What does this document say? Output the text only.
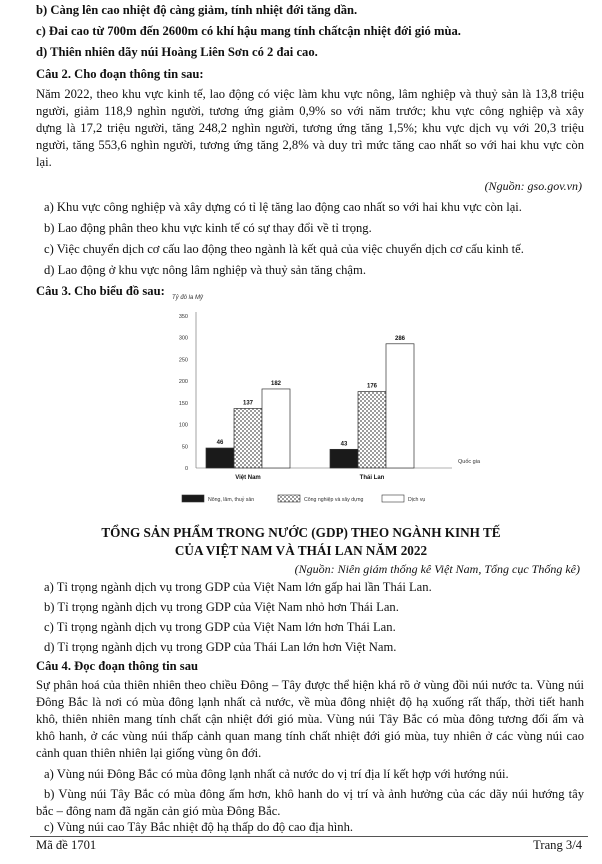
b) Càng lên cao nhiệt độ càng giảm, tính nhiệt đới tăng dần.
c) Đai cao từ 700m đến 2600m có khí hậu mang tính chấtcận nhiệt đới gió mùa.
d) Thiên nhiên dãy núi Hoàng Liên Sơn có 2 đai cao.
Câu 2. Cho đoạn thông tin sau:
Năm 2022, theo khu vực kinh tế, lao động có việc làm khu vực nông, lâm nghiệp và thuỷ sản là 13,8 triệu
người, giảm 118,9 nghìn người, tương ứng giảm 0,9% so với năm trước; khu vực công nghiệp và xây
dựng là 17,2 triệu người, tăng 248,2 nghìn người, tương ứng tăng 1,5%; khu vực dịch vụ với 20,3 triệu
người, tăng 553,6 nghìn người, tương ứng tăng 2,8% và duy trì mức tăng cao nhất so với hai khu vực còn
lại.
(Nguồn: gso.gov.vn)
a) Khu vực công nghiệp và xây dựng có tỉ lệ tăng lao động cao nhất so với hai khu vực còn lại.
b) Lao động phân theo khu vực kinh tế có sự thay đổi về tỉ trọng.
c) Việc chuyển dịch cơ cấu lao động theo ngành là kết quả của việc chuyển dịch cơ cấu kinh tế.
d) Lao động ở khu vực nông lâm nghiệp và thuỷ sản tăng chậm.
Câu 3. Cho biểu đồ sau:	Tỷ đô la Mỹ
0
50
100
150
200
250
300
350
46
137
182
43
176
286
Việt Nam	Thái Lan
Quốc gia
Nông, lâm, thuỷ sản	Công nghiệp và xây dựng	Dịch vụ
TỔNG SẢN PHẨM TRONG NƯỚC (GDP) THEO NGÀNH KINH TẾ
CỦA VIỆT NAM VÀ THÁI LAN NĂM 2022
(Nguồn: Niên giám thống kê Việt Nam, Tổng cục Thống kê)
a) Tỉ trọng ngành dịch vụ trong GDP của Việt Nam lớn gấp hai lần Thái Lan.
b) Tỉ trọng ngành dịch vụ trong GDP của Việt Nam nhỏ hơn Thái Lan.
c) Tỉ trọng ngành dịch vụ trong GDP của Việt Nam lớn hơn Thái Lan.
d) Tỉ trọng ngành dịch vụ trong GDP của Thái Lan lớn hơn Việt Nam.
Câu 4. Đọc đoạn thông tin sau
Sự phân hoá của thiên nhiên theo chiều Đông – Tây được thể hiện khá rõ ở vùng đồi núi nước ta. Vùng núi
Đông Bắc là nơi có mùa đông lạnh nhất cả nước, về mùa đông nhiệt độ hạ xuống rất thấp, thời tiết hanh
khô, thiên nhiên mang tính chất cận nhiệt đới gió mùa. Vùng núi Tây Bắc có mùa đông tương đối ấm và
khô hanh, ở các vùng núi thấp cảnh quan mang tính chất nhiệt đới gió mùa, tuy nhiên ở các vùng núi cao
cảnh quan thiên nhiên lại giống vùng ôn đới.
a) Vùng núi Đông Bắc có mùa đông lạnh nhất cả nước do vị trí địa lí kết hợp với hướng núi.
b) Vùng núi Tây Bắc có mùa đông ấm hơn, khô hanh do vị trí và ảnh hưởng của các dãy núi hướng tây
bắc – đông nam đã ngăn cản gió mùa Đông Bắc.
c) Vùng núi cao Tây Bắc nhiệt độ hạ thấp do độ cao địa hình.
Mã đề 1701	Trang 3/4
